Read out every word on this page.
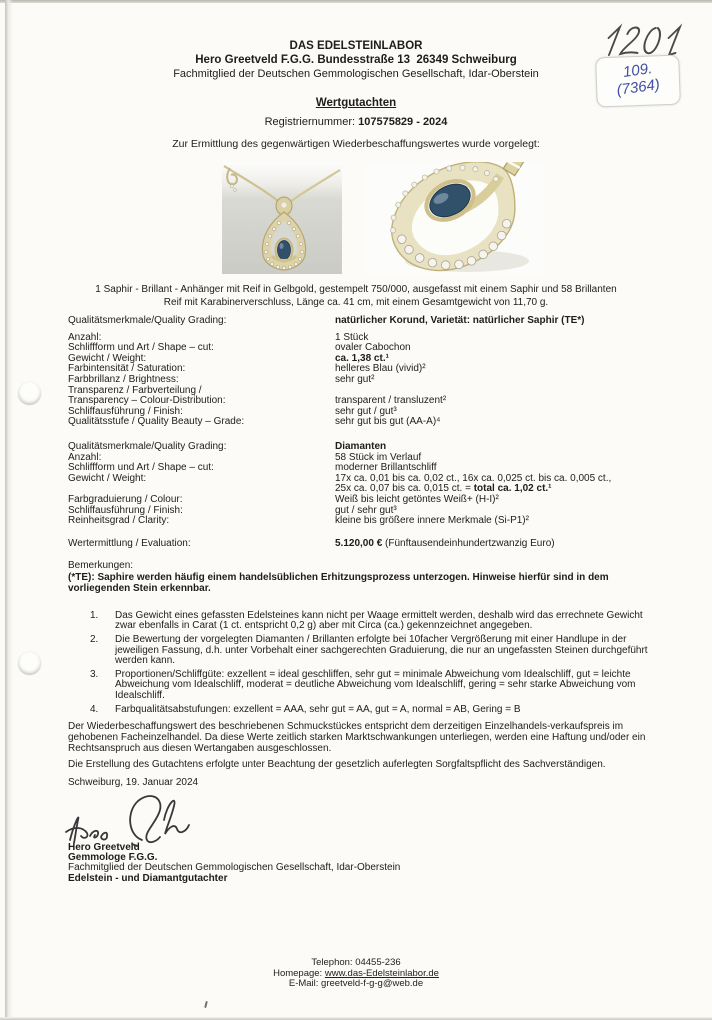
109.
(7364)
DAS EDELSTEINLABOR
Hero Greetveld F.G.G. Bundesstraße 13  26349 Schweiburg
Fachmitglied der Deutschen Gemmologischen Gesellschaft, Idar-Oberstein
Wertgutachten
Registriernummer: 107575829 - 2024
Zur Ermittlung des gegenwärtigen Wiederbeschaffungswertes wurde vorgelegt:
1 Saphir - Brillant - Anhänger mit Reif in Gelbgold, gestempelt 750/000, ausgefasst mit einem Saphir und 58 Brillanten
Reif mit Karabinerverschluss, Länge ca. 41 cm, mit einem Gesamtgewicht von 11,70 g.
Qualitätsmerkmale/Quality Grading:	natürlicher Korund, Varietät: natürlicher Saphir (TE*)
Anzahl:	1 Stück
Schliffform und Art / Shape – cut:	ovaler Cabochon
Gewicht / Weight:	ca. 1,38 ct.¹
Farbintensität / Saturation:	helleres Blau (vivid)²
Farbbrillanz / Brightness:	sehr gut²
Transparenz / Farbverteilung /
Transparency – Colour-Distribution:	transparent / transluzent²
Schliffausführung / Finish:	sehr gut / gut³
Qualitätsstufe / Quality Beauty – Grade:	sehr gut bis gut (AA-A)⁴
Qualitätsmerkmale/Quality Grading:	Diamanten
Anzahl:	58 Stück im Verlauf
Schliffform und Art / Shape – cut:	moderner Brillantschliff
Gewicht / Weight:	17x ca. 0,01 bis ca. 0,02 ct., 16x ca. 0,025 ct. bis ca. 0,005 ct.,
25x ca. 0,07 bis ca. 0,015 ct. = total ca. 1,02 ct.¹
Farbgraduierung / Colour:	Weiß bis leicht getöntes Weiß+ (H-I)²
Schliffausführung / Finish:	gut / sehr gut³
Reinheitsgrad / Clarity:	kleine bis größere innere Merkmale (Si-P1)²
Wertermittlung / Evaluation:	5.120,00 € (Fünftausendeinhundertzwanzig Euro)
Bemerkungen:
(*TE): Saphire werden häufig einem handelsüblichen Erhitzungsprozess unterzogen. Hinweise hierfür sind in dem vorliegenden Stein erkennbar.
1.	Das Gewicht eines gefassten Edelsteines kann nicht per Waage ermittelt werden, deshalb wird das errechnete Gewicht zwar ebenfalls in Carat (1 ct. entspricht 0,2 g) aber mit Circa (ca.) gekennzeichnet angegeben.
2.	Die Bewertung der vorgelegten Diamanten / Brillanten erfolgte bei 10facher Vergrößerung mit einer Handlupe in der jeweiligen Fassung, d.h. unter Vorbehalt einer sachgerechten Graduierung, die nur an ungefassten Steinen durchgeführt werden kann.
3.	Proportionen/Schliffgüte: exzellent = ideal geschliffen, sehr gut = minimale Abweichung vom Idealschliff, gut = leichte Abweichung vom Idealschliff, moderat = deutliche Abweichung vom Idealschliff, gering = sehr starke Abweichung vom Idealschliff.
4.	Farbqualitätsabstufungen: exzellent = AAA, sehr gut = AA, gut = A, normal = AB, Gering = B

Der Wiederbeschaffungswert des beschriebenen Schmuckstückes entspricht dem derzeitigen Einzelhandels-verkaufspreis im gehobenen Facheinzelhandel. Da diese Werte zeitlich starken Marktschwankungen unterliegen, werden eine Haftung und/oder ein Rechtsanspruch aus diesen Wertangaben ausgeschlossen.

Die Erstellung des Gutachtens erfolgte unter Beachtung der gesetzlich auferlegten Sorgfaltspflicht des Sachverständigen.

Schweiburg, 19. Januar 2024
Hero Greetveld
Gemmologe F.G.G.
Fachmitglied der Deutschen Gemmologischen Gesellschaft, Idar-Oberstein
Edelstein - und Diamantgutachter
Telephon: 04455-236
Homepage: www.das-Edelsteinlabor.de
E-Mail: greetveld-f-g-g@web.de
